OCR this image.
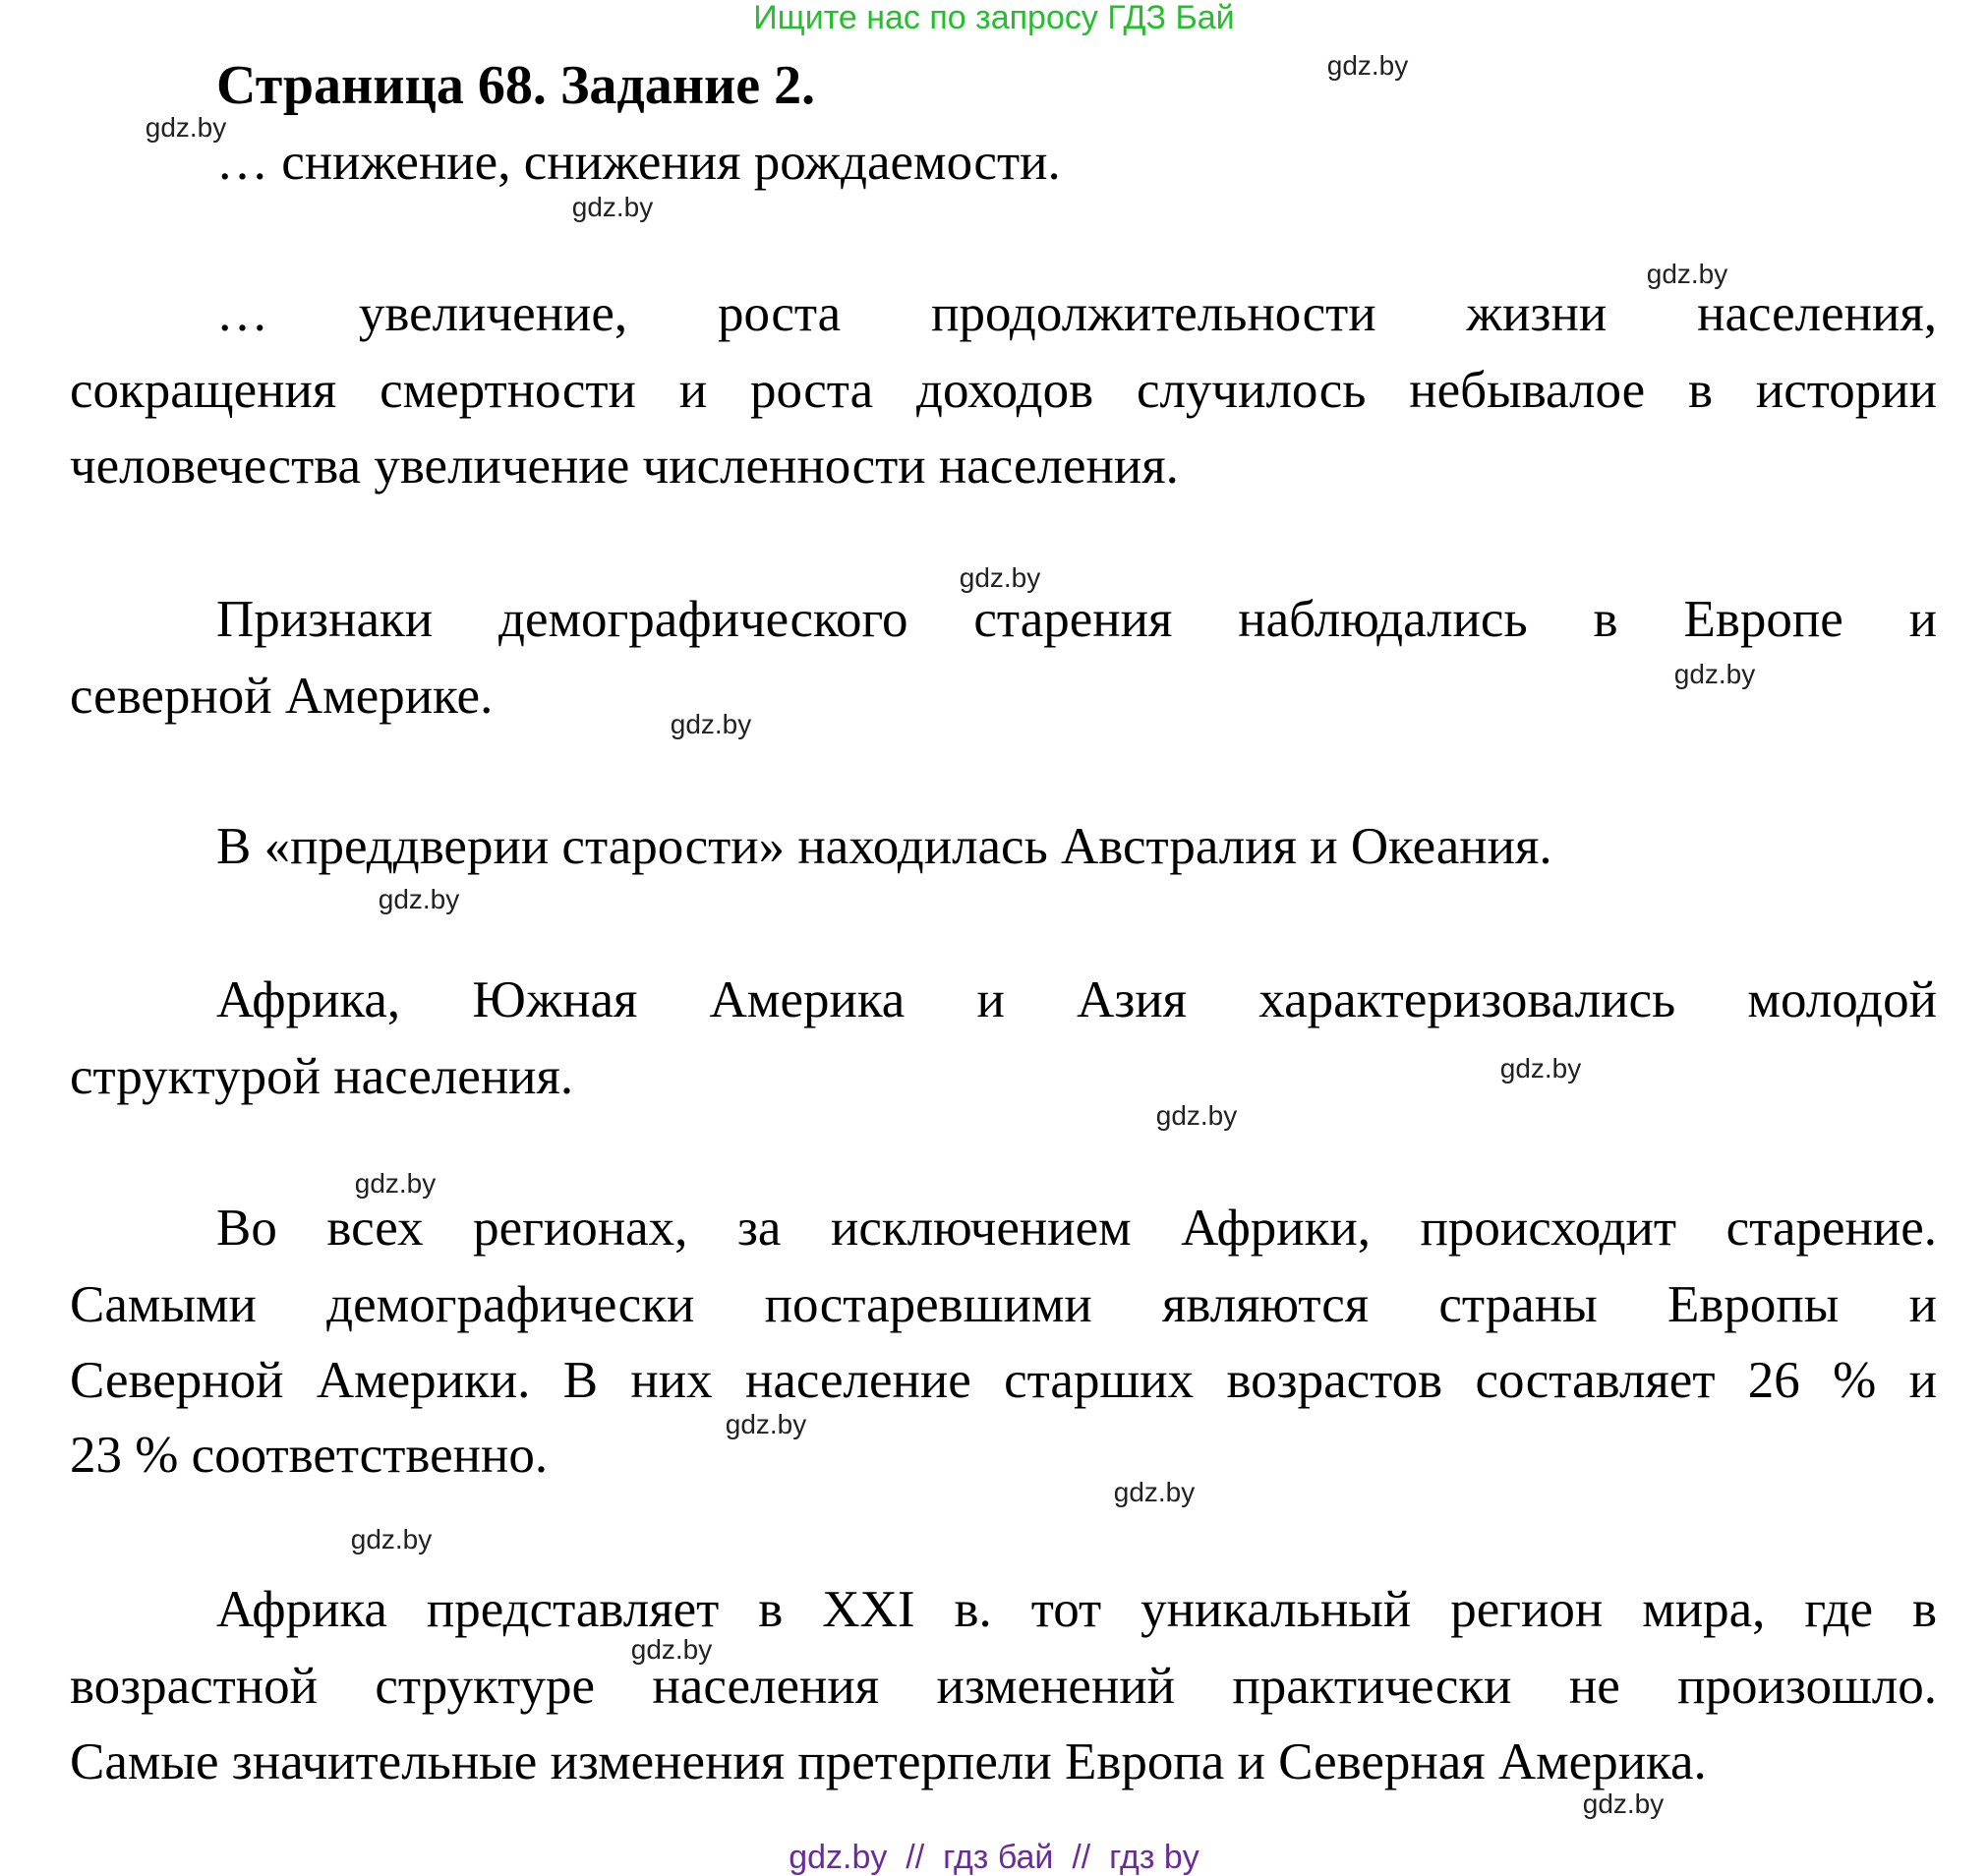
Ищите нас по запросу ГДЗ Бай
Страница 68. Задание 2.
… снижение, снижения рождаемости.
… увеличение, роста продолжительности жизни населения,
сокращения смертности и роста доходов случилось небывалое в истории
человечества увеличение численности населения.
Признаки демографического старения наблюдались в Европе и
северной Америке.
В «преддверии старости» находилась Австралия и Океания.
Африка, Южная Америка и Азия характеризовались молодой
структурой населения.
Во всех регионах, за исключением Африки, происходит старение.
Самыми демографически постаревшими являются страны Европы и
Северной Америки. В них население старших возрастов составляет 26 % и
23 % соответственно.
Африка представляет в XXI в. тот уникальный регион мира, где в
возрастной структуре населения изменений практически не произошло.
Самые значительные изменения претерпели Европа и Северная Америка.
gdz.by
gdz.by
gdz.by
gdz.by
gdz.by
gdz.by
gdz.by
gdz.by
gdz.by
gdz.by
gdz.by
gdz.by
gdz.by
gdz.by
gdz.by
gdz.by
gdz.by  //  гдз бай  //  гдз by
